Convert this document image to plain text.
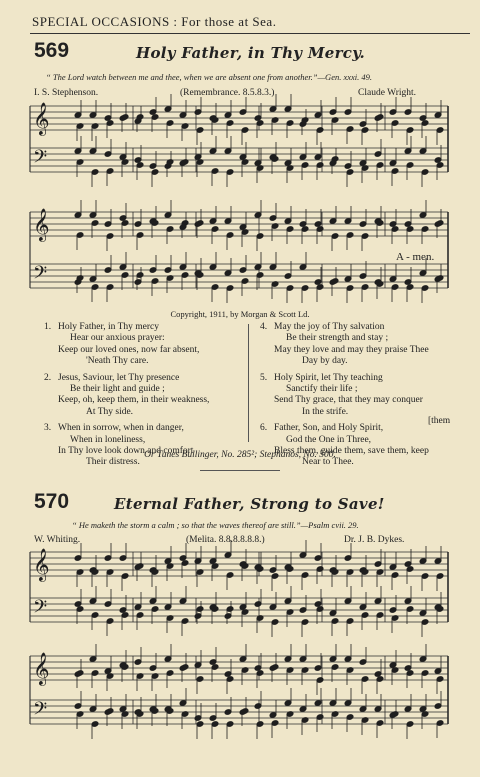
SPECIAL OCCASIONS : For those at Sea.
569	Holy Father, in Thy Mercy.
“ The Lord watch between me and thee, when we are absent one from another.”—Gen. xxxi. 49.
I. S. Stephenson.	(Remembrance. 8.5.8.3.)	Claude Wright.
𝄞
𝄢
𝄞
𝄢
𝄞
𝄢
𝄞
𝄢
A - men.
Copyright, 1911, by Morgan & Scott Ld.
1. Holy Father, in Thy mercy
Hear our anxious prayer:
Keep our loved ones, now far absent,
'Neath Thy care.
2. Jesus, Saviour, let Thy presence
Be their light and guide ;
Keep, oh, keep them, in their weakness,
At Thy side.
3. When in sorrow, when in danger,
When in loneliness,
In Thy love look down and comfort
Their distress.
4. May the joy of Thy salvation
Be their strength and stay ;
May they love and may they praise Thee
Day by day.
5. Holy Spirit, let Thy teaching
Sanctify their life ;
Send Thy grace, that they may conquer
In the strife.
6. Father, Son, and Holy Spirit,
God the One in Three,
Bless them, guide them, save them, keep
Near to Thee.
[them
Or Tunes Bullinger, No. 285²; Stephanos, No. 500.
570	Eternal Father, Strong to Save!
“ He maketh the storm a calm ; so that the waves thereof are still.”—Psalm cvii. 29.
W. Whiting.	(Melita. 8.8.8.8.8.8.)	Dr. J. B. Dykes.
